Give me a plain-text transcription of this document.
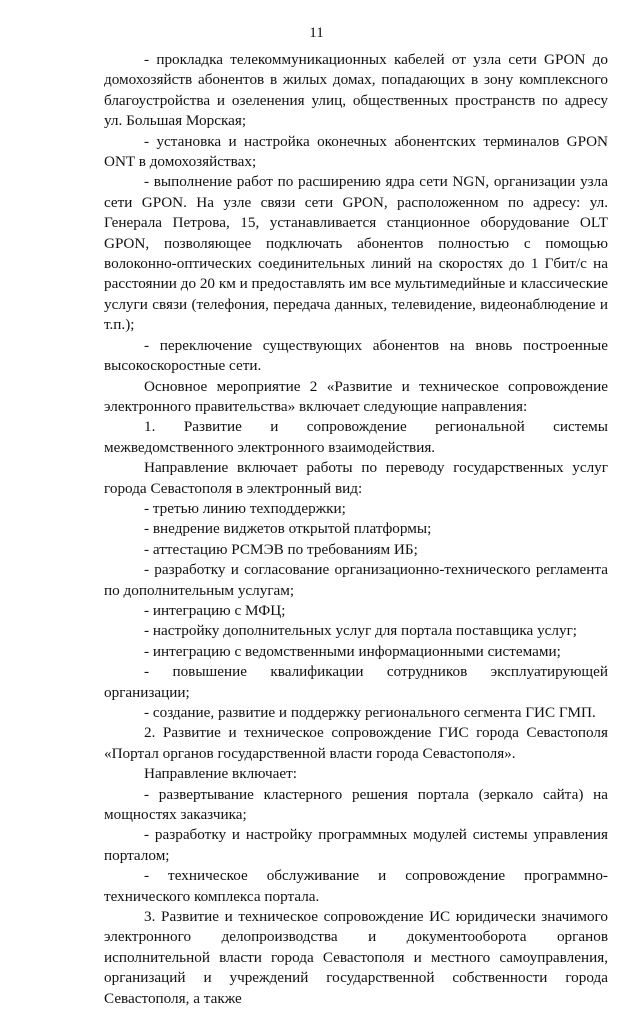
11

- прокладка телекоммуникационных кабелей от узла сети GPON до домохозяйств абонентов в жилых домах, попадающих в зону комплексного благоустройства и озеленения улиц, общественных пространств по адресу ул. Большая Морская;

- установка и настройка оконечных абонентских терминалов GPON ONT в домохозяйствах;

- выполнение работ по расширению ядра сети NGN, организации узла сети GPON. На узле связи сети GPON, расположенном по адресу: ул. Генерала Петрова, 15, устанавливается станционное оборудование OLT GPON, позволяющее подключать абонентов полностью с помощью волоконно-оптических соединительных линий на скоростях до 1 Гбит/с на расстоянии до 20 км и предоставлять им все мультимедийные и классические услуги связи (телефония, передача данных, телевидение, видеонаблюдение и т.п.);

- переключение существующих абонентов на вновь построенные высокоскоростные сети.

Основное мероприятие 2 «Развитие и техническое сопровождение электронного правительства» включает следующие направления:

1. Развитие и сопровождение региональной системы межведомственного электронного взаимодействия.

Направление включает работы по переводу государственных услуг города Севастополя в электронный вид:

- третью линию техподдержки;

- внедрение виджетов открытой платформы;

- аттестацию РСМЭВ по требованиям ИБ;

- разработку и согласование организационно-технического регламента по дополнительным услугам;

- интеграцию с МФЦ;

- настройку дополнительных услуг для портала поставщика услуг;

- интеграцию с ведомственными информационными системами;

- повышение квалификации сотрудников эксплуатирующей организации;

- создание, развитие и поддержку регионального сегмента ГИС ГМП.

2. Развитие и техническое сопровождение ГИС города Севастополя «Портал органов государственной власти города Севастополя».

Направление включает:

- развертывание кластерного решения портала (зеркало сайта) на мощностях заказчика;

- разработку и настройку программных модулей системы управления порталом;

- техническое обслуживание и сопровождение программно-технического комплекса портала.

3. Развитие и техническое сопровождение ИС юридически значимого электронного делопроизводства и документооборота органов исполнительной власти города Севастополя и местного самоуправления, организаций и учреждений государственной собственности города Севастополя, а также
